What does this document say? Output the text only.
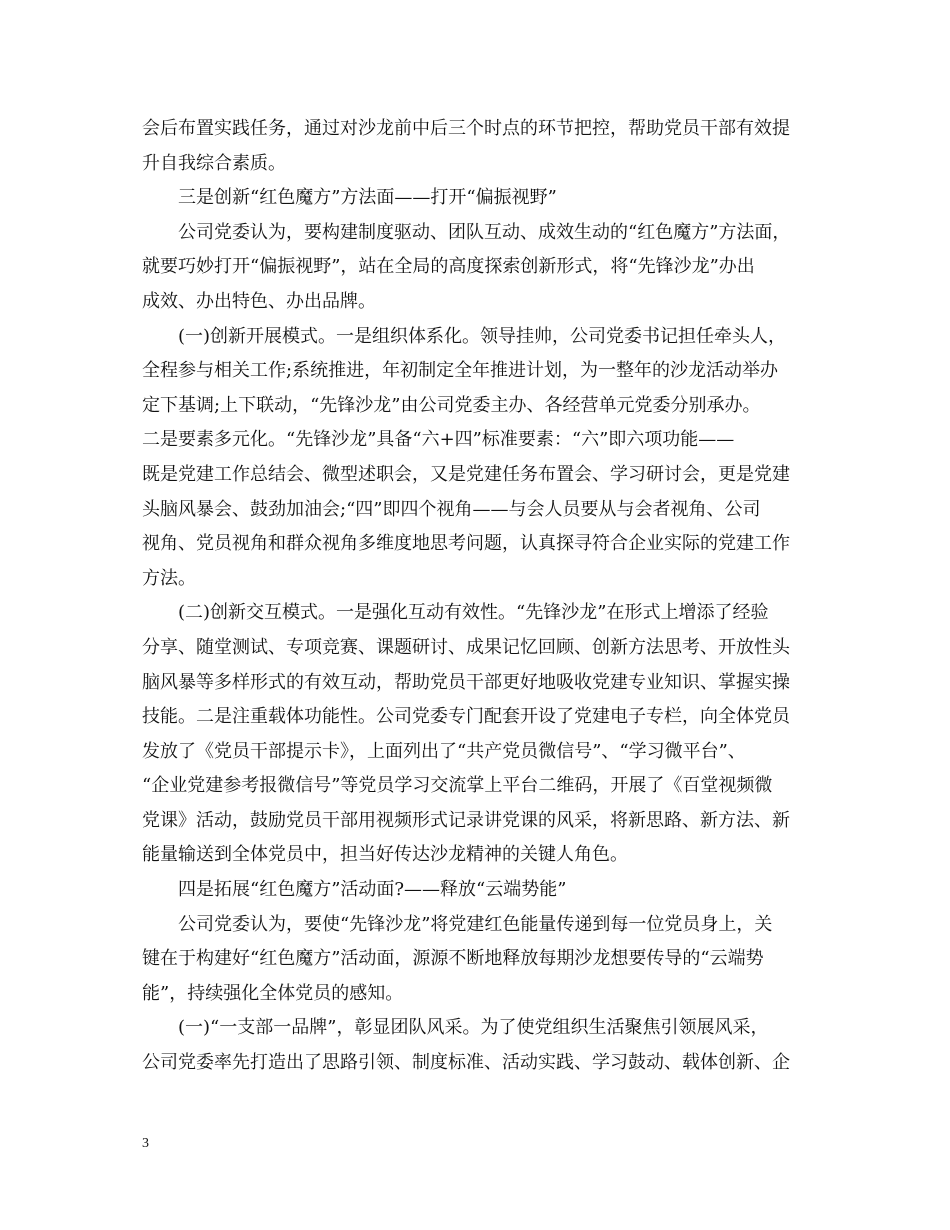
会后布置实践任务，通过对沙龙前中后三个时点的环节把控，帮助党员干部有效提
升自我综合素质。

三是创新“红色魔方”方法面——打开“偏振视野”

公司党委认为，要构建制度驱动、团队互动、成效生动的“红色魔方”方法面，
就要巧妙打开“偏振视野”，站在全局的高度探索创新形式，将“先锋沙龙”办出
成效、办出特色、办出品牌。

(一)创新开展模式。一是组织体系化。领导挂帅，公司党委书记担任牵头人，
全程参与相关工作;系统推进，年初制定全年推进计划，为一整年的沙龙活动举办
定下基调;上下联动，“先锋沙龙”由公司党委主办、各经营单元党委分别承办。
二是要素多元化。“先锋沙龙”具备“六+四”标准要素：“六”即六项功能——
既是党建工作总结会、微型述职会，又是党建任务布置会、学习研讨会，更是党建
头脑风暴会、鼓劲加油会;“四”即四个视角——与会人员要从与会者视角、公司
视角、党员视角和群众视角多维度地思考问题，认真探寻符合企业实际的党建工作
方法。

(二)创新交互模式。一是强化互动有效性。“先锋沙龙”在形式上增添了经验
分享、随堂测试、专项竞赛、课题研讨、成果记忆回顾、创新方法思考、开放性头
脑风暴等多样形式的有效互动，帮助党员干部更好地吸收党建专业知识、掌握实操
技能。二是注重载体功能性。公司党委专门配套开设了党建电子专栏，向全体党员
发放了《党员干部提示卡》，上面列出了“共产党员微信号”、“学习微平台”、
“企业党建参考报微信号”等党员学习交流掌上平台二维码，开展了《百堂视频微
党课》活动，鼓励党员干部用视频形式记录讲党课的风采，将新思路、新方法、新
能量输送到全体党员中，担当好传达沙龙精神的关键人角色。

四是拓展“红色魔方”活动面?——释放“云端势能”

公司党委认为，要使“先锋沙龙”将党建红色能量传递到每一位党员身上，关
键在于构建好“红色魔方”活动面，源源不断地释放每期沙龙想要传导的“云端势
能”，持续强化全体党员的感知。

(一)“一支部一品牌”，彰显团队风采。为了使党组织生活聚焦引领展风采，
公司党委率先打造出了思路引领、制度标准、活动实践、学习鼓动、载体创新、企

3
